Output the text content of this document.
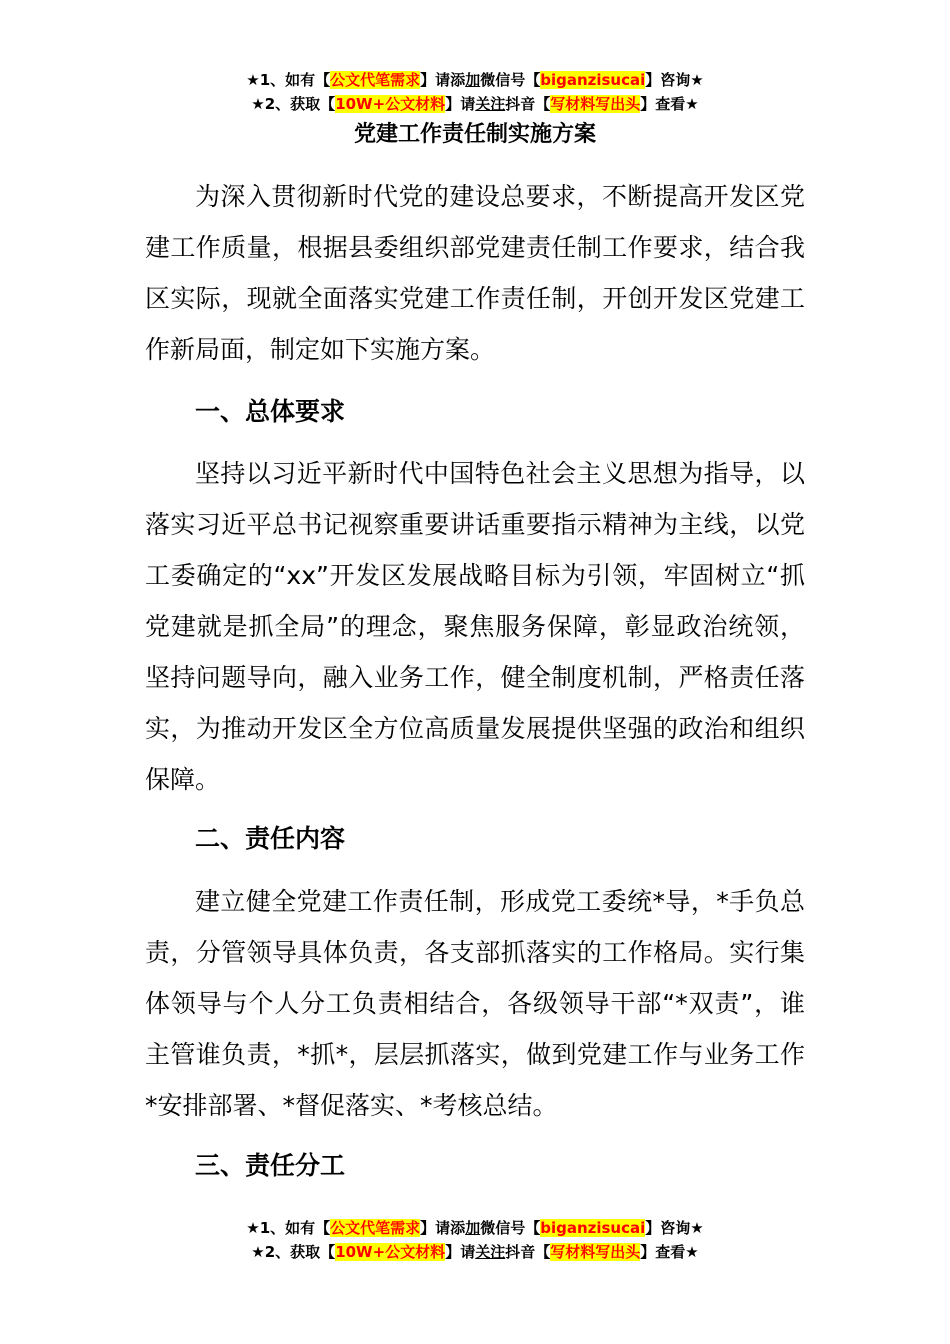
★1、如有【公文代笔需求】请添加微信号【biganzisucai】咨询★
★2、获取【10W+公文材料】请关注抖音【写材料写出头】查看★
党建工作责任制实施方案

为深入贯彻新时代党的建设总要求，不断提高开发区党建工作质量，根据县委组织部党建责任制工作要求，结合我区实际，现就全面落实党建工作责任制，开创开发区党建工作新局面，制定如下实施方案。

一、总体要求

坚持以习近平新时代中国特色社会主义思想为指导，以落实习近平总书记视察重要讲话重要指示精神为主线，以党工委确定的“xx”开发区发展战略目标为引领，牢固树立“抓党建就是抓全局”的理念，聚焦服务保障，彰显政治统领，坚持问题导向，融入业务工作，健全制度机制，严格责任落实，为推动开发区全方位高质量发展提供坚强的政治和组织保障。

二、责任内容

建立健全党建工作责任制，形成党工委统*导，*手负总责，分管领导具体负责，各支部抓落实的工作格局。实行集体领导与个人分工负责相结合，各级领导干部“*双责”，谁主管谁负责，*抓*，层层抓落实，做到党建工作与业务工作*安排部署、*督促落实、*考核总结。

三、责任分工

★1、如有【公文代笔需求】请添加微信号【biganzisucai】咨询★
★2、获取【10W+公文材料】请关注抖音【写材料写出头】查看★
